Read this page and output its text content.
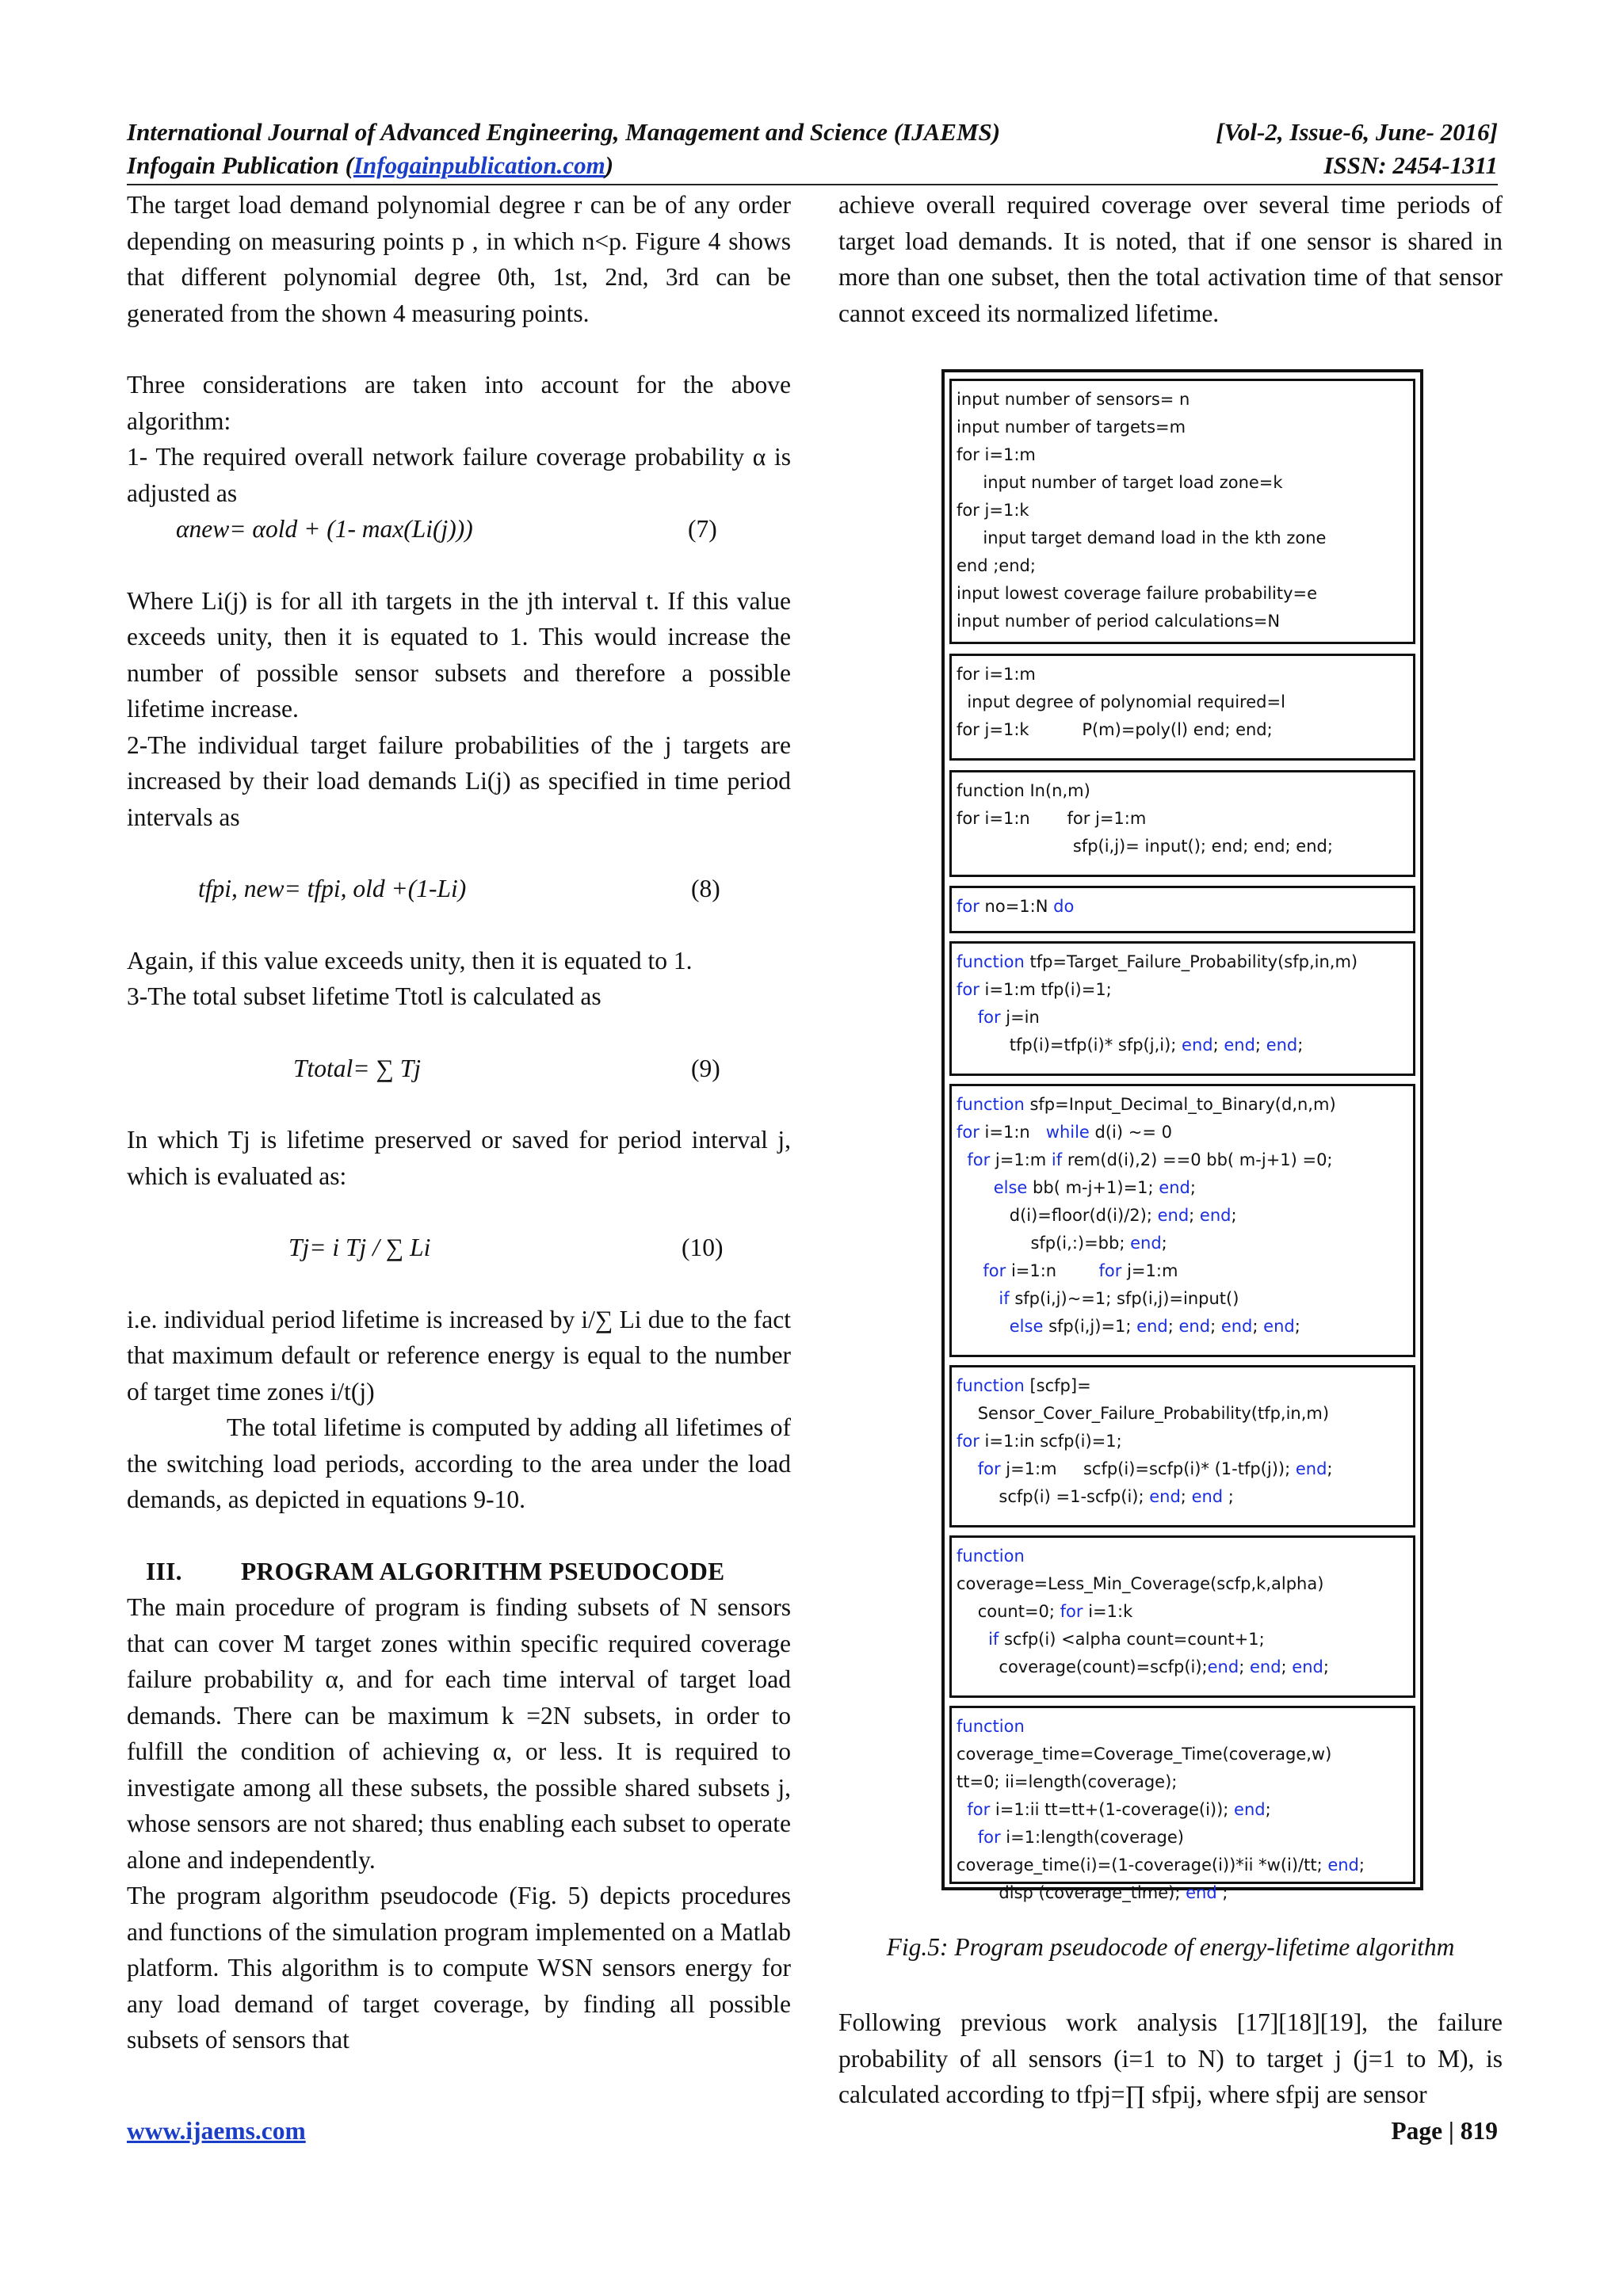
International Journal of Advanced Engineering, Management and Science (IJAEMS)	[Vol-2, Issue-6, June- 2016]
Infogain Publication (Infogainpublication.com)	ISSN: 2454-1311

The target load demand polynomial degree r can be of any order depending on measuring points p , in which n<p. Figure 4 shows that different polynomial degree 0th, 1st, 2nd, 3rd can be generated from the shown 4 measuring points.

Three considerations are taken into account for the above algorithm:

1- The required overall network failure coverage probability α is adjusted as

αnew= αold + (1- max(Li(j)))	(7)

Where Li(j) is for all ith targets in the jth interval t. If this value exceeds unity, then it is equated to 1. This would increase the number of possible sensor subsets and therefore a possible lifetime increase.

2-The individual target failure probabilities of the j targets are increased by their load demands Li(j) as specified in time period intervals as

tfpi, new= tfpi, old +(1-Li)	(8)

Again, if this value exceeds unity, then it is equated to 1.

3-The total subset lifetime Ttotl is calculated as

Ttotal= ∑ Tj	(9)

In which Tj is lifetime preserved or saved for period interval j, which is evaluated as:

Tj= i Tj / ∑ Li	(10)

i.e. individual period lifetime is increased by i/∑ Li due to the fact that maximum default or reference energy is equal to the number of target time zones i/t(j)

The total lifetime is computed by adding all lifetimes of the switching load periods, according to the area under the load demands, as depicted in equations 9-10.

III. PROGRAM ALGORITHM PSEUDOCODE

The main procedure of program is finding subsets of N sensors that can cover M target zones within specific required coverage failure probability α, and for each time interval of target load demands. There can be maximum k =2N subsets, in order to fulfill the condition of achieving α, or less. It is required to investigate among all these subsets, the possible shared subsets j, whose sensors are not shared; thus enabling each subset to operate alone and independently.

The program algorithm pseudocode (Fig. 5) depicts procedures and functions of the simulation program implemented on a Matlab platform. This algorithm is to compute WSN sensors energy for any load demand of target coverage, by finding all possible subsets of sensors that

achieve overall required coverage over several time periods of target load demands. It is noted, that if one sensor is shared in more than one subset, then the total activation time of that sensor cannot exceed its normalized lifetime.

input number of sensors= n
input number of targets=m
for i=1:m
input number of target load zone=k
for j=1:k
input target demand load in the kth zone
end ;end;
input lowest coverage failure probability=e
input number of period calculations=N
for i=1:m
input degree of polynomial required=l
for j=1:k          P(m)=poly(l) end; end;
function In(n,m)
for i=1:n       for j=1:m
sfp(i,j)= input(); end; end; end;
for no=1:N do
function tfp=Target_Failure_Probability(sfp,in,m)
for i=1:m tfp(i)=1;
for j=in
tfp(i)=tfp(i)* sfp(j,i); end; end; end;
function sfp=Input_Decimal_to_Binary(d,n,m)
for i=1:n   while d(i) ~= 0
for j=1:m if rem(d(i),2) ==0 bb( m-j+1) =0;
else bb( m-j+1)=1; end;
d(i)=floor(d(i)/2); end; end;
sfp(i,:)=bb; end;
for i=1:n        for j=1:m
if sfp(i,j)~=1; sfp(i,j)=input()
else sfp(i,j)=1; end; end; end; end;
function [scfp]=
Sensor_Cover_Failure_Probability(tfp,in,m)
for i=1:in scfp(i)=1;
for j=1:m     scfp(i)=scfp(i)* (1-tfp(j)); end;
scfp(i) =1-scfp(i); end; end ;
function
coverage=Less_Min_Coverage(scfp,k,alpha)
count=0; for i=1:k
if scfp(i) <alpha count=count+1;
coverage(count)=scfp(i);end; end; end;
function
coverage_time=Coverage_Time(coverage,w)
tt=0; ii=length(coverage);
for i=1:ii tt=tt+(1-coverage(i)); end;
for i=1:length(coverage)
coverage_time(i)=(1-coverage(i))*ii *w(i)/tt; end;
disp (coverage_time); end ;
Fig.5: Program pseudocode of energy-lifetime algorithm

Following previous work analysis [17][18][19], the failure probability of all sensors (i=1 to N) to target j (j=1 to M), is calculated according to tfpj=∏ sfpij, where sfpij are sensor

www.ijaems.com	Page | 819
